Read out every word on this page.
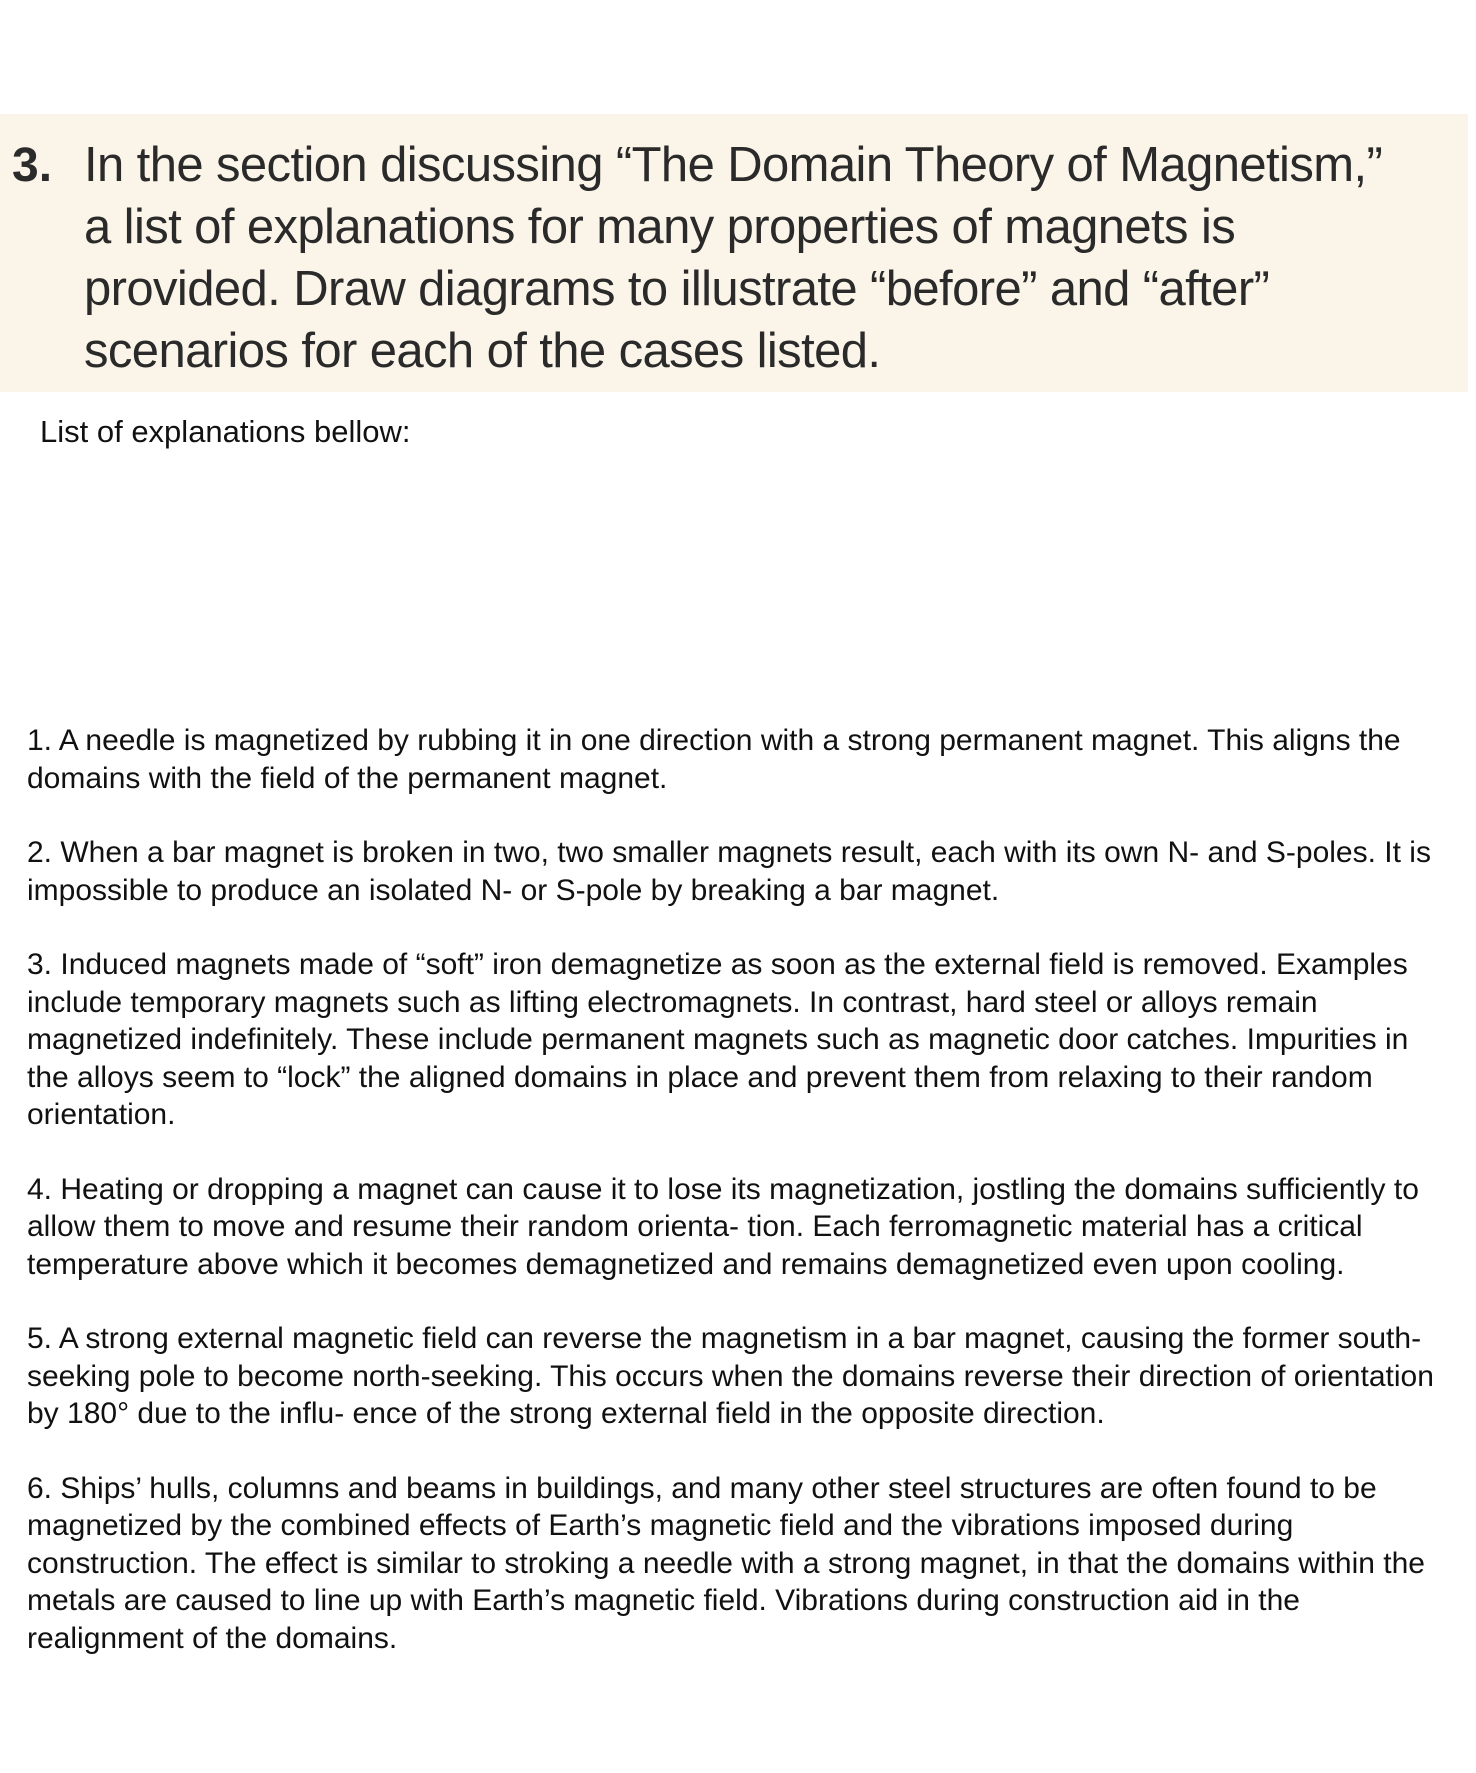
3. In the section discussing “The Domain Theory of Magnetism,” a list of explanations for many properties of magnets is provided. Draw diagrams to illustrate “before” and “after” scenarios for each of the cases listed.
List of explanations bellow:
1. A needle is magnetized by rubbing it in one direction with a strong permanent magnet. This aligns the domains with the field of the permanent magnet.
2. When a bar magnet is broken in two, two smaller magnets result, each with its own N- and S-poles. It is impossible to produce an isolated N- or S-pole by breaking a bar magnet.
3. Induced magnets made of “soft” iron demagnetize as soon as the external field is removed. Examples include temporary magnets such as lifting electromagnets. In contrast, hard steel or alloys remain magnetized indefinitely. These include permanent magnets such as magnetic door catches. Impurities in the alloys seem to “lock” the aligned domains in place and prevent them from relaxing to their random orientation.
4. Heating or dropping a magnet can cause it to lose its magnetization, jostling the domains sufficiently to allow them to move and resume their random orienta- tion. Each ferromagnetic material has a critical temperature above which it becomes demagnetized and remains demagnetized even upon cooling.
5. A strong external magnetic field can reverse the magnetism in a bar magnet, causing the former south-seeking pole to become north-seeking. This occurs when the domains reverse their direction of orientation by 180° due to the influ- ence of the strong external field in the opposite direction.
6. Ships’ hulls, columns and beams in buildings, and many other steel structures are often found to be magnetized by the combined effects of Earth’s magnetic field and the vibrations imposed during construction. The effect is similar to stroking a needle with a strong magnet, in that the domains within the metals are caused to line up with Earth’s magnetic field. Vibrations during construction aid in the realignment of the domains.
